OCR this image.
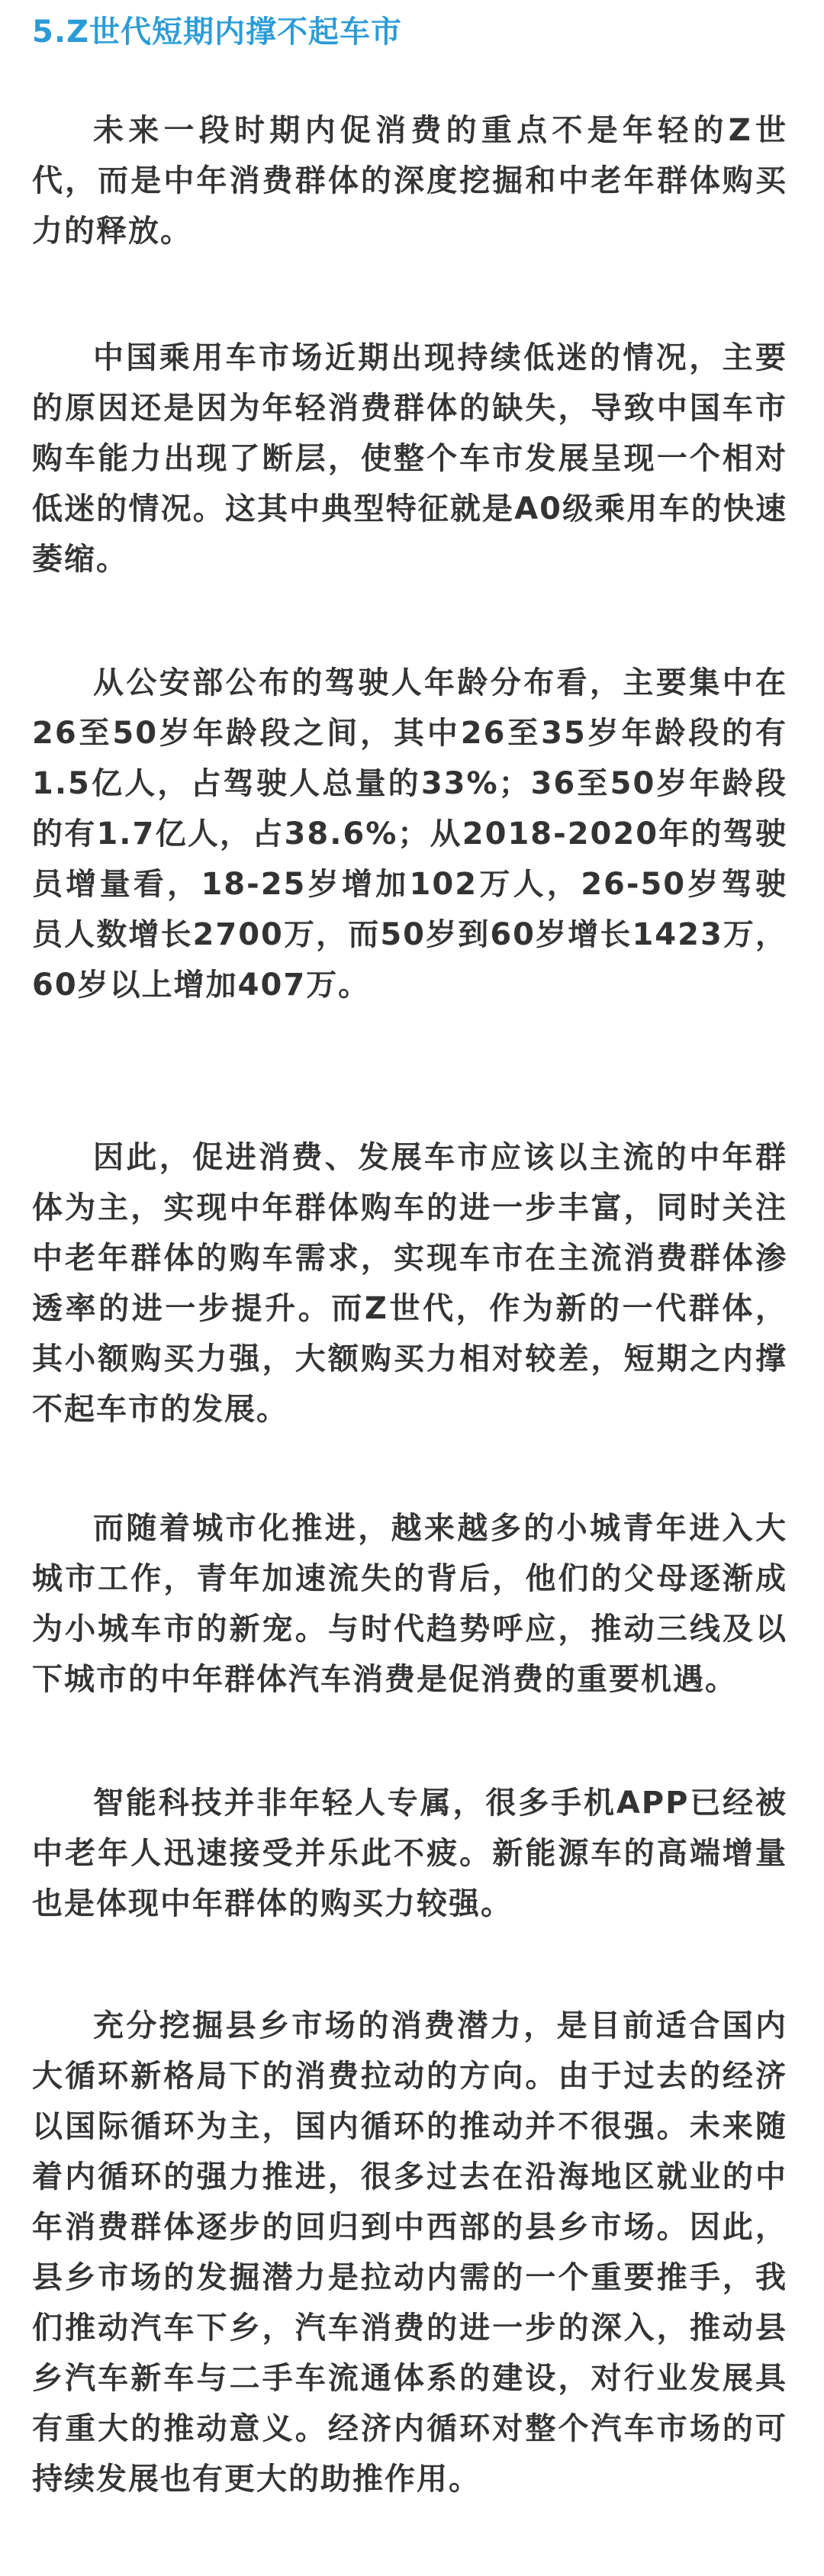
5.Z世代短期内撑不起车市

未来一段时期内促消费的重点不是年轻的Z世代，而是中年消费群体的深度挖掘和中老年群体购买力的释放。

中国乘用车市场近期出现持续低迷的情况，主要的原因还是因为年轻消费群体的缺失，导致中国车市购车能力出现了断层，使整个车市发展呈现一个相对低迷的情况。这其中典型特征就是A0级乘用车的快速萎缩。

从公安部公布的驾驶人年龄分布看，主要集中在26至50岁年龄段之间，其中26至35岁年龄段的有1.5亿人，占驾驶人总量的33%；36至50岁年龄段的有1.7亿人，占38.6%；从2018-2020年的驾驶员增量看，18-25岁增加102万人，26-50岁驾驶员人数增长2700万，而50岁到60岁增长1423万，60岁以上增加407万。

因此，促进消费、发展车市应该以主流的中年群体为主，实现中年群体购车的进一步丰富，同时关注中老年群体的购车需求，实现车市在主流消费群体渗透率的进一步提升。而Z世代，作为新的一代群体，其小额购买力强，大额购买力相对较差，短期之内撑不起车市的发展。

而随着城市化推进，越来越多的小城青年进入大城市工作，青年加速流失的背后，他们的父母逐渐成为小城车市的新宠。与时代趋势呼应，推动三线及以下城市的中年群体汽车消费是促消费的重要机遇。

智能科技并非年轻人专属，很多手机APP已经被中老年人迅速接受并乐此不疲。新能源车的高端增量也是体现中年群体的购买力较强。

充分挖掘县乡市场的消费潜力，是目前适合国内大循环新格局下的消费拉动的方向。由于过去的经济以国际循环为主，国内循环的推动并不很强。未来随着内循环的强力推进，很多过去在沿海地区就业的中年消费群体逐步的回归到中西部的县乡市场。因此，县乡市场的发掘潜力是拉动内需的一个重要推手，我们推动汽车下乡，汽车消费的进一步的深入，推动县乡汽车新车与二手车流通体系的建设，对行业发展具有重大的推动意义。经济内循环对整个汽车市场的可持续发展也有更大的助推作用。
